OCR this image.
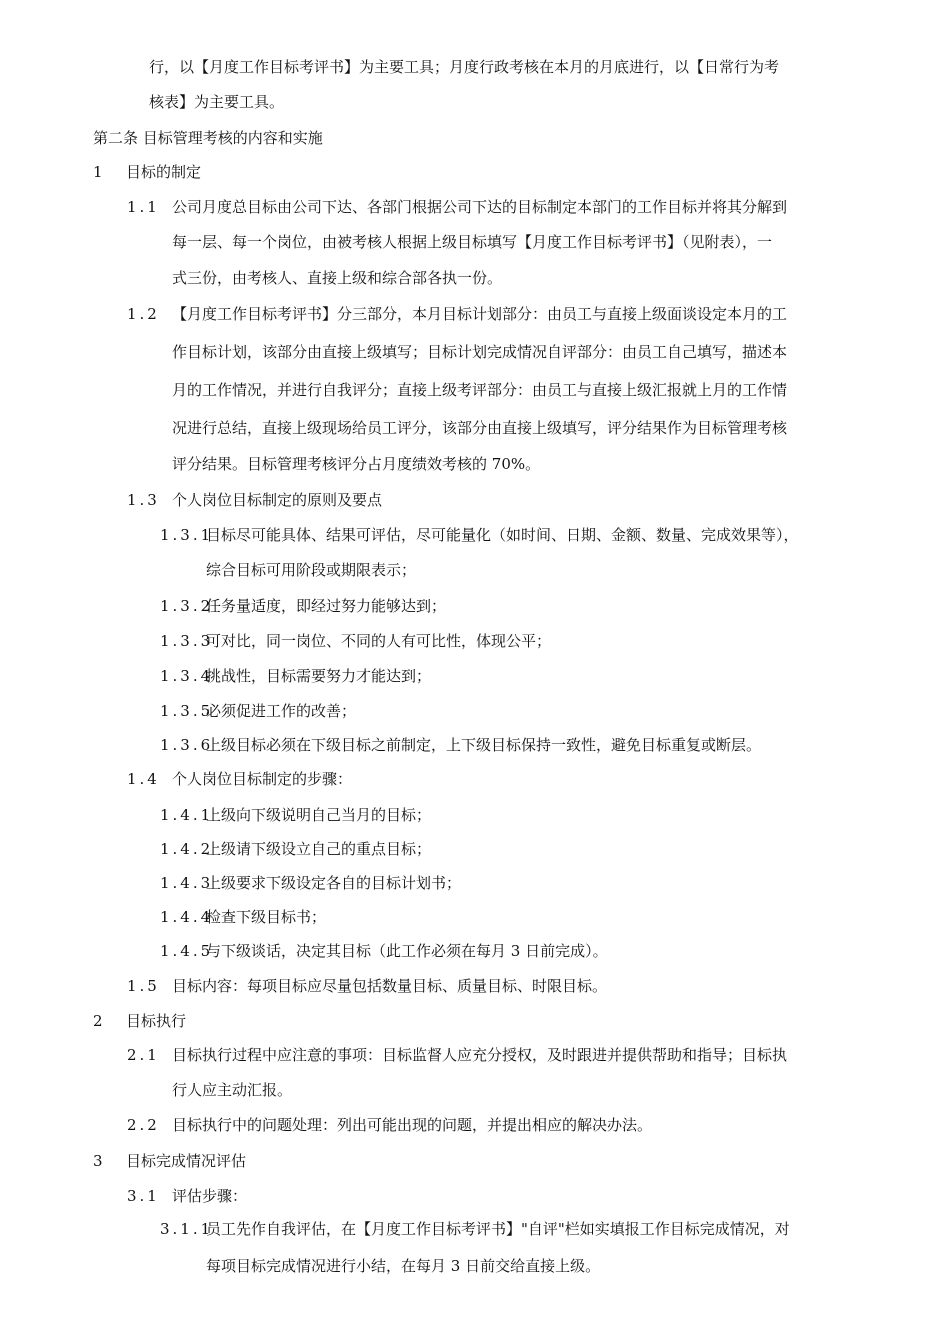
行，以【月度工作目标考评书】为主要工具；月度行政考核在本月的月底进行，以【日常行为考
核表】为主要工具。
第二条 目标管理考核的内容和实施
1 目标的制定
1.1 公司月度总目标由公司下达、各部门根据公司下达的目标制定本部门的工作目标并将其分解到
每一层、每一个岗位，由被考核人根据上级目标填写【月度工作目标考评书】（见附表），一
式三份，由考核人、直接上级和综合部各执一份。
1.2 【月度工作目标考评书】分三部分，本月目标计划部分：由员工与直接上级面谈设定本月的工
作目标计划，该部分由直接上级填写；目标计划完成情况自评部分：由员工自己填写，描述本
月的工作情况，并进行自我评分；直接上级考评部分：由员工与直接上级汇报就上月的工作情
况进行总结，直接上级现场给员工评分，该部分由直接上级填写，评分结果作为目标管理考核
评分结果。目标管理考核评分占月度绩效考核的 70%。
1.3 个人岗位目标制定的原则及要点
1.3.1
目标尽可能具体、结果可评估，尽可能量化（如时间、日期、金额、数量、完成效果等），
综合目标可用阶段或期限表示；
1.3.2
任务量适度，即经过努力能够达到；
1.3.3
可对比，同一岗位、不同的人有可比性，体现公平；
1.3.4
挑战性，目标需要努力才能达到；
1.3.5
必须促进工作的改善；
1.3.6
上级目标必须在下级目标之前制定，上下级目标保持一致性，避免目标重复或断层。
1.4 个人岗位目标制定的步骤：
1.4.1
上级向下级说明自己当月的目标；
1.4.2
上级请下级设立自己的重点目标；
1.4.3
上级要求下级设定各自的目标计划书；
1.4.4
检查下级目标书；
1.4.5
与下级谈话，决定其目标（此工作必须在每月 3 日前完成）。
1.5 目标内容：每项目标应尽量包括数量目标、质量目标、时限目标。
2 目标执行
2.1 目标执行过程中应注意的事项：目标监督人应充分授权，及时跟进并提供帮助和指导；目标执
行人应主动汇报。
2.2 目标执行中的问题处理：列出可能出现的问题，并提出相应的解决办法。
3 目标完成情况评估
3.1 评估步骤：
3.1.1
员工先作自我评估，在【月度工作目标考评书】"自评"栏如实填报工作目标完成情况，对
每项目标完成情况进行小结，在每月 3 日前交给直接上级。
